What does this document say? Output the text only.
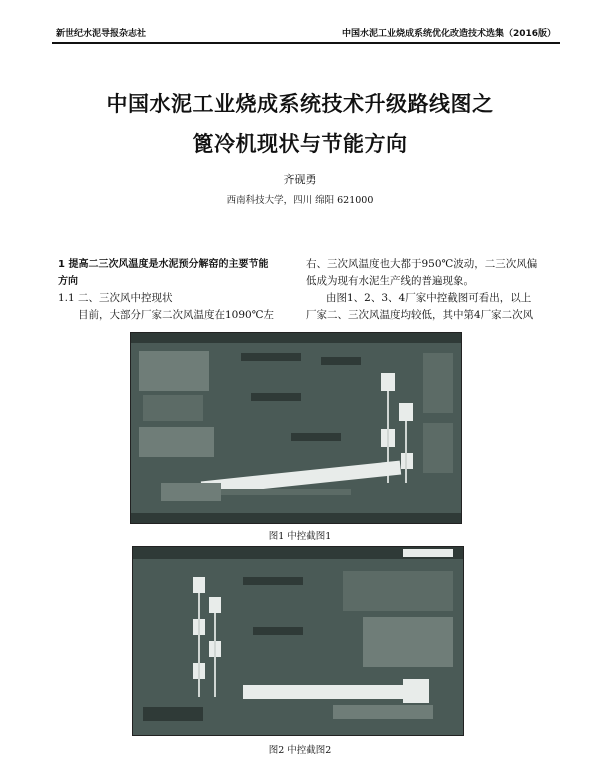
新世纪水泥导报杂志社	中国水泥工业烧成系统优化改造技术选集（2016版）
中国水泥工业烧成系统技术升级路线图之
篦冷机现状与节能方向
齐砚勇
西南科技大学，四川 绵阳 621000

1 提高二三次风温度是水泥预分解窑的主要节能

方向

1.1 二、三次风中控现状

目前，大部分厂家二次风温度在1090℃左

右、三次风温度也大都于950℃波动，二三次风偏

低成为现有水泥生产线的普遍现象。

由图1、2、3、4厂家中控截图可看出，以上

厂家二、三次风温度均较低，其中第4厂家二次风

图1 中控截图1
图2 中控截图2
